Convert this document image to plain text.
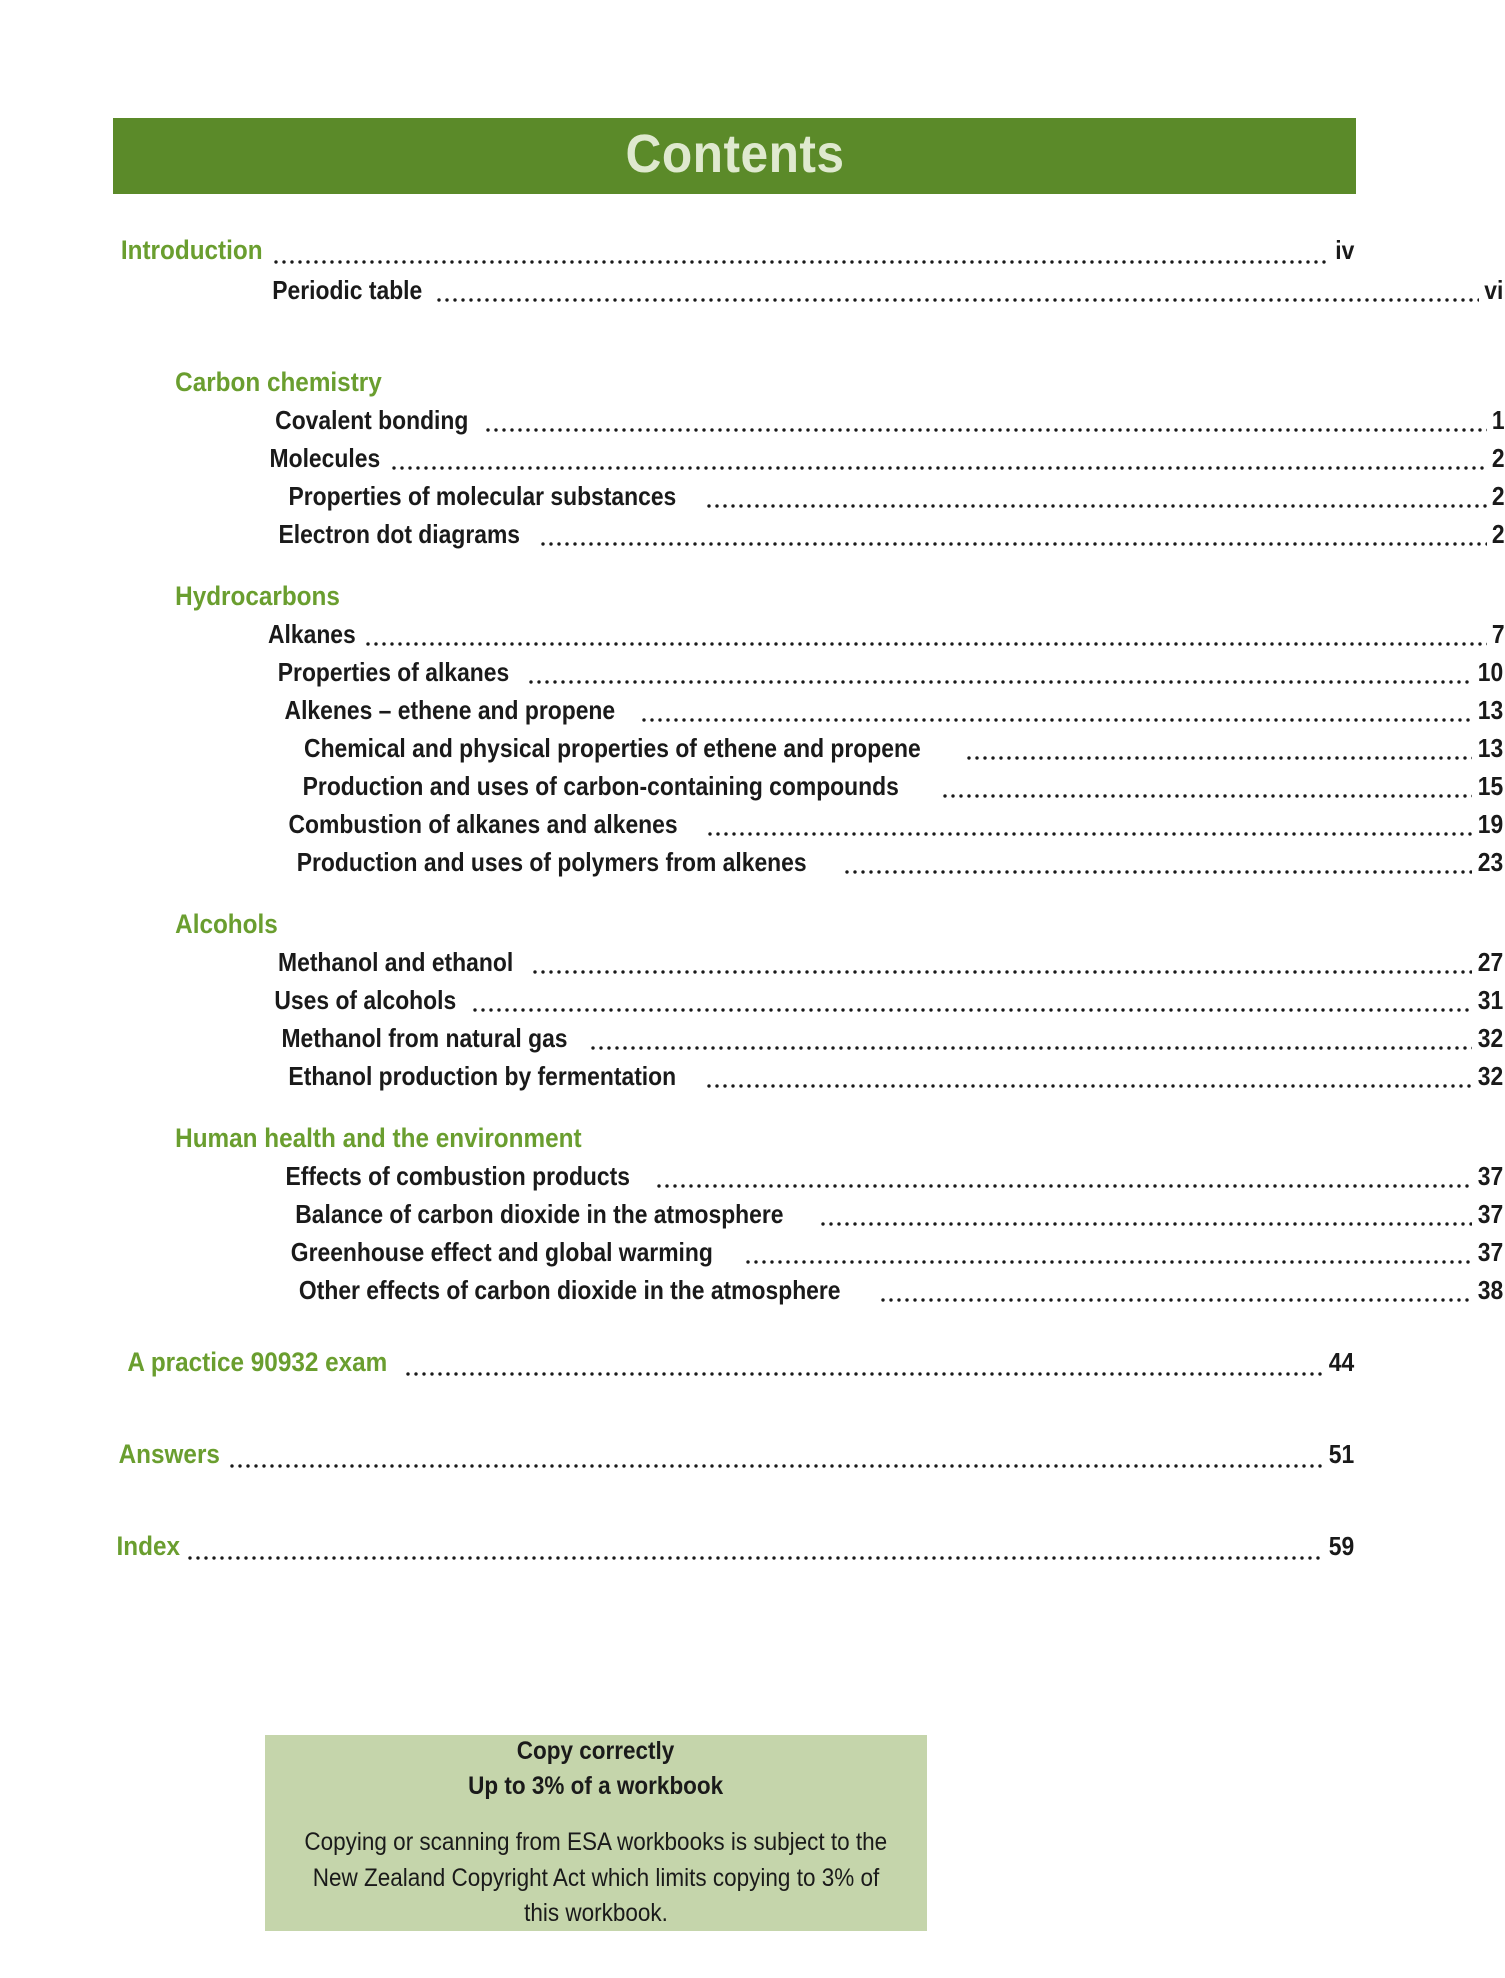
Contents
Introduction	iv
Periodic table	vi
Carbon chemistry
Covalent bonding	1
Molecules	2
Properties of molecular substances	2
Electron dot diagrams	2
Hydrocarbons
Alkanes	7
Properties of alkanes	10
Alkenes – ethene and propene	13
Chemical and physical properties of ethene and propene	13
Production and uses of carbon-containing compounds	15
Combustion of alkanes and alkenes	19
Production and uses of polymers from alkenes	23
Alcohols
Methanol and ethanol	27
Uses of alcohols	31
Methanol from natural gas	32
Ethanol production by fermentation	32
Human health and the environment
Effects of combustion products	37
Balance of carbon dioxide in the atmosphere	37
Greenhouse effect and global warming	37
Other effects of carbon dioxide in the atmosphere	38
A practice 90932 exam	44
Answers	51
Index	59
Copy correctly
Up to 3% of a workbook
Copying or scanning from ESA workbooks is subject to the
New Zealand Copyright Act which limits copying to 3% of this workbook.
